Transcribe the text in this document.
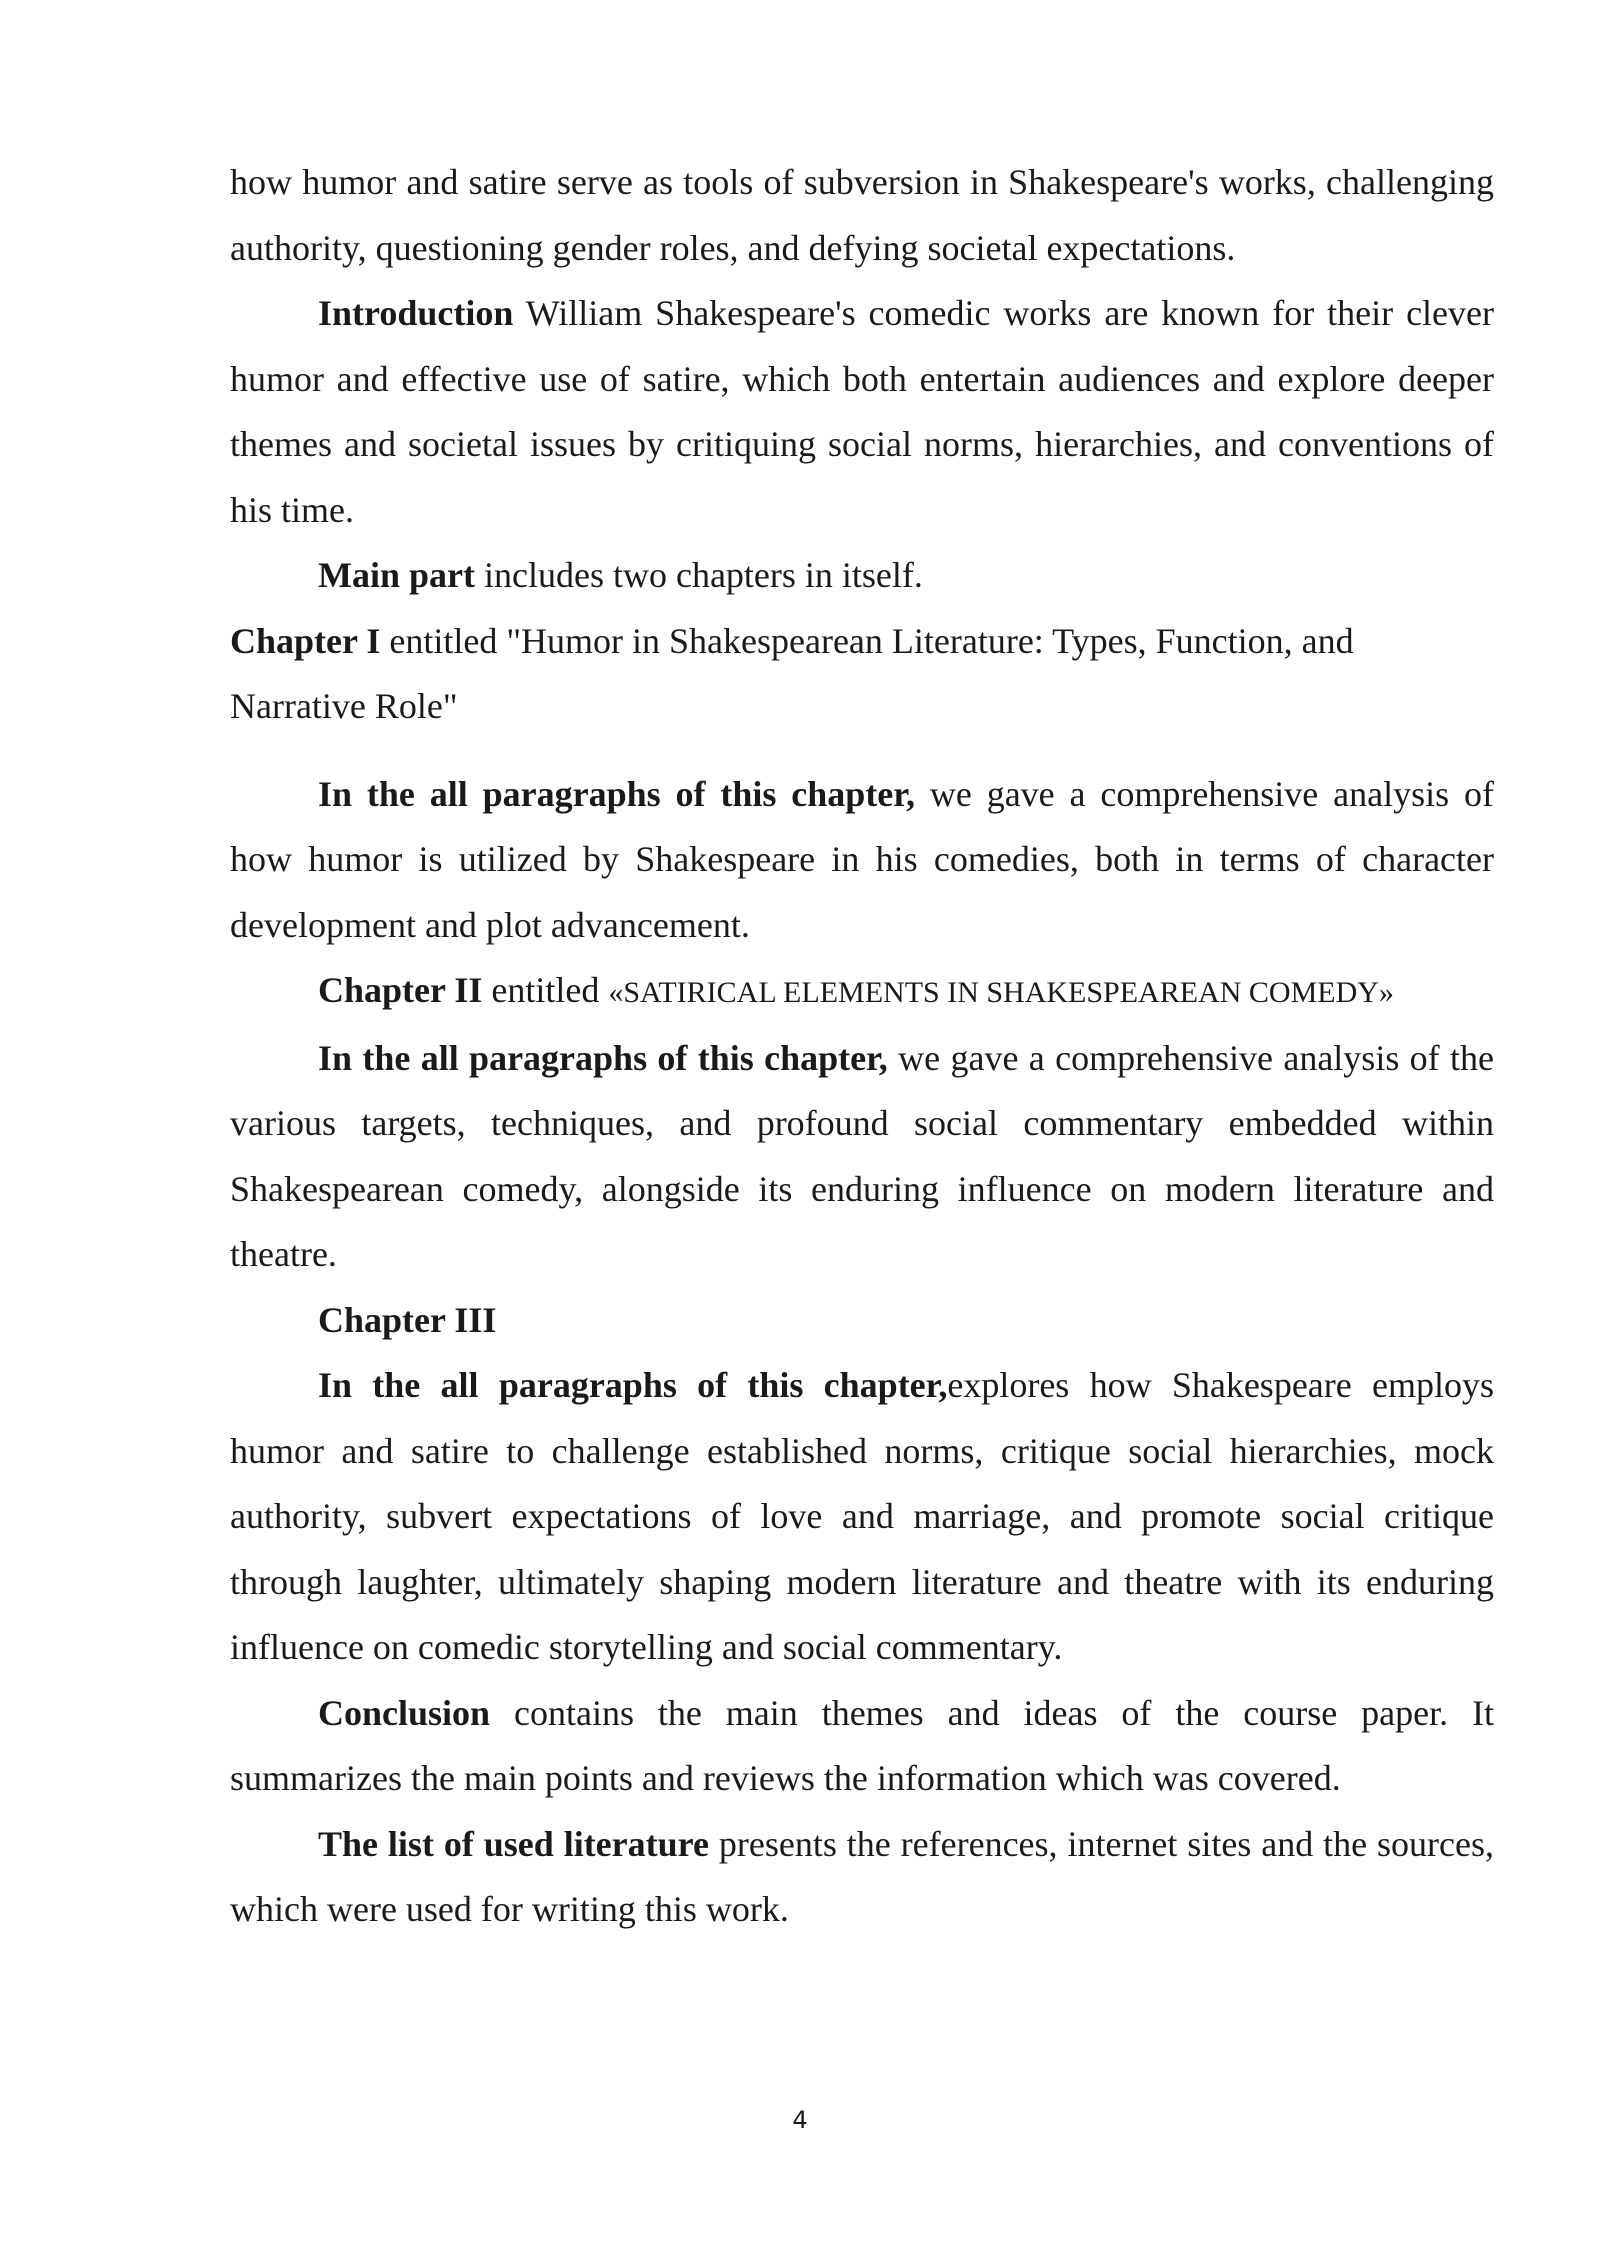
how humor and satire serve as tools of subversion in Shakespeare's works, challenging authority, questioning gender roles, and defying societal expectations.

Introduction William Shakespeare's comedic works are known for their clever humor and effective use of satire, which both entertain audiences and explore deeper themes and societal issues by critiquing social norms, hierarchies, and conventions of his time.

Main part includes two chapters in itself.

Chapter I entitled "Humor in Shakespearean Literature: Types, Function, and Narrative Role"

In the all paragraphs of this chapter, we gave a comprehensive analysis of how humor is utilized by Shakespeare in his comedies, both in terms of character development and plot advancement.

Chapter II entitled «SATIRICAL ELEMENTS IN SHAKESPEAREAN COMEDY»

In the all paragraphs of this chapter, we gave a comprehensive analysis of the various targets, techniques, and profound social commentary embedded within Shakespearean comedy, alongside its enduring influence on modern literature and theatre.

Chapter III

In the all paragraphs of this chapter,explores how Shakespeare employs humor and satire to challenge established norms, critique social hierarchies, mock authority, subvert expectations of love and marriage, and promote social critique through laughter, ultimately shaping modern literature and theatre with its enduring influence on comedic storytelling and social commentary.

Conclusion contains the main themes and ideas of the course paper. It summarizes the main points and reviews the information which was covered.

The list of used literature presents the references, internet sites and the sources, which were used for writing this work.

4
